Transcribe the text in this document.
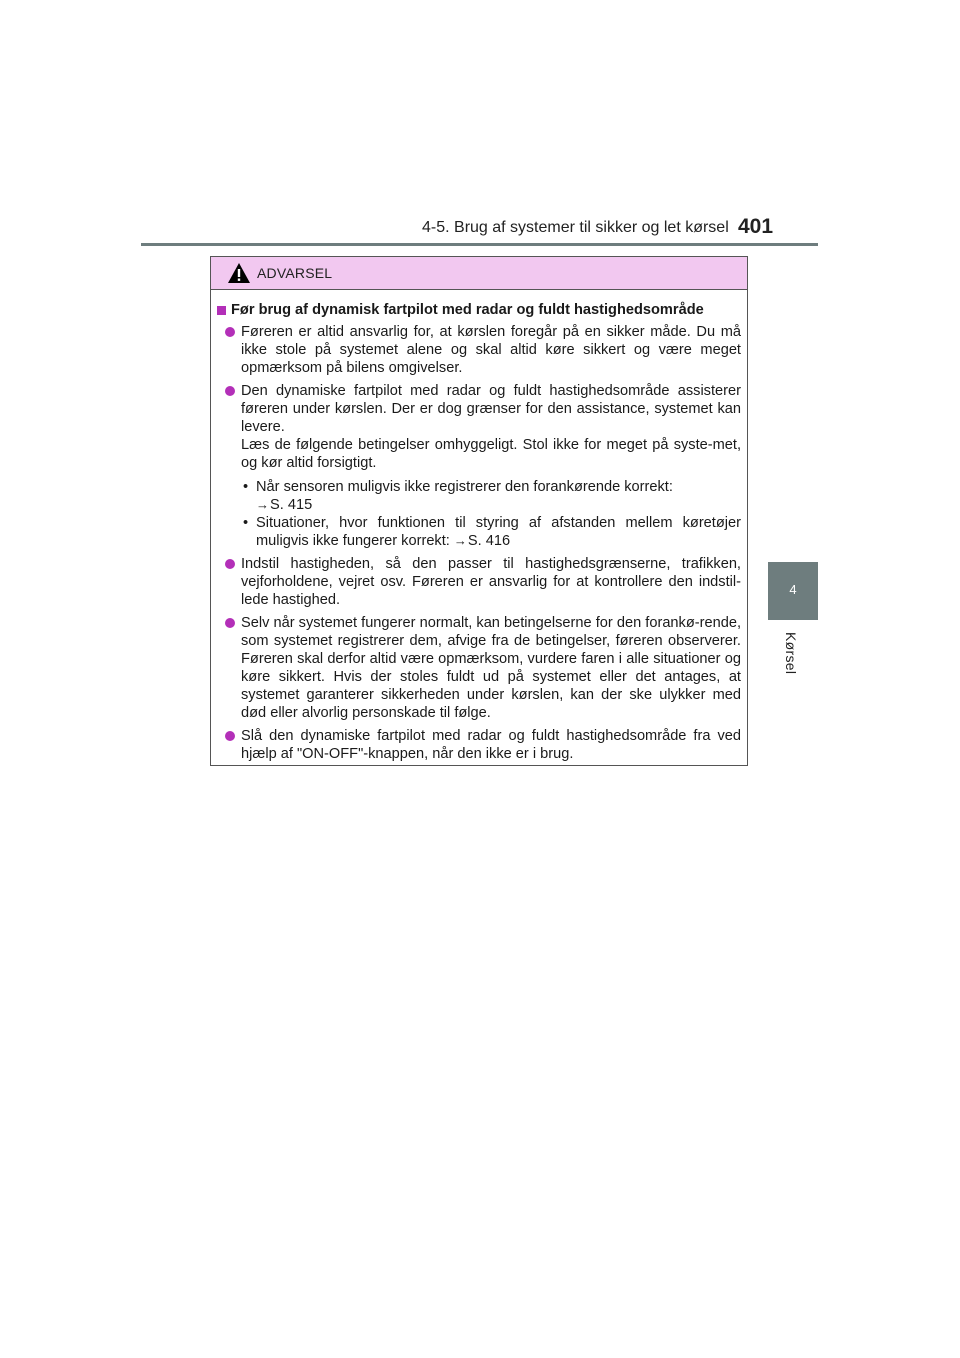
4-5. Brug af systemer til sikker og let kørsel 401
4
Kørsel
ADVARSEL
Før brug af dynamisk fartpilot med radar og fuldt hastighedsområde
Føreren er altid ansvarlig for, at kørslen foregår på en sikker måde. Du må ikke stole på systemet alene og skal altid køre sikkert og være meget opmærksom på bilens omgivelser.
Den dynamiske fartpilot med radar og fuldt hastighedsområde assisterer føreren under kørslen. Der er dog grænser for den assistance, systemet kan levere.
Læs de følgende betingelser omhyggeligt. Stol ikke for meget på syste-met, og kør altid forsigtigt.
• Når sensoren muligvis ikke registrerer den forankørende korrekt:
→S. 415
• Situationer, hvor funktionen til styring af afstanden mellem køretøjer muligvis ikke fungerer korrekt: →S. 416
Indstil hastigheden, så den passer til hastighedsgrænserne, trafikken, vejforholdene, vejret osv. Føreren er ansvarlig for at kontrollere den indstil-lede hastighed.
Selv når systemet fungerer normalt, kan betingelserne for den forankø-rende, som systemet registrerer dem, afvige fra de betingelser, føreren observerer. Føreren skal derfor altid være opmærksom, vurdere faren i alle situationer og køre sikkert. Hvis der stoles fuldt ud på systemet eller det antages, at systemet garanterer sikkerheden under kørslen, kan der ske ulykker med død eller alvorlig personskade til følge.
Slå den dynamiske fartpilot med radar og fuldt hastighedsområde fra ved hjælp af "ON-OFF"-knappen, når den ikke er i brug.
